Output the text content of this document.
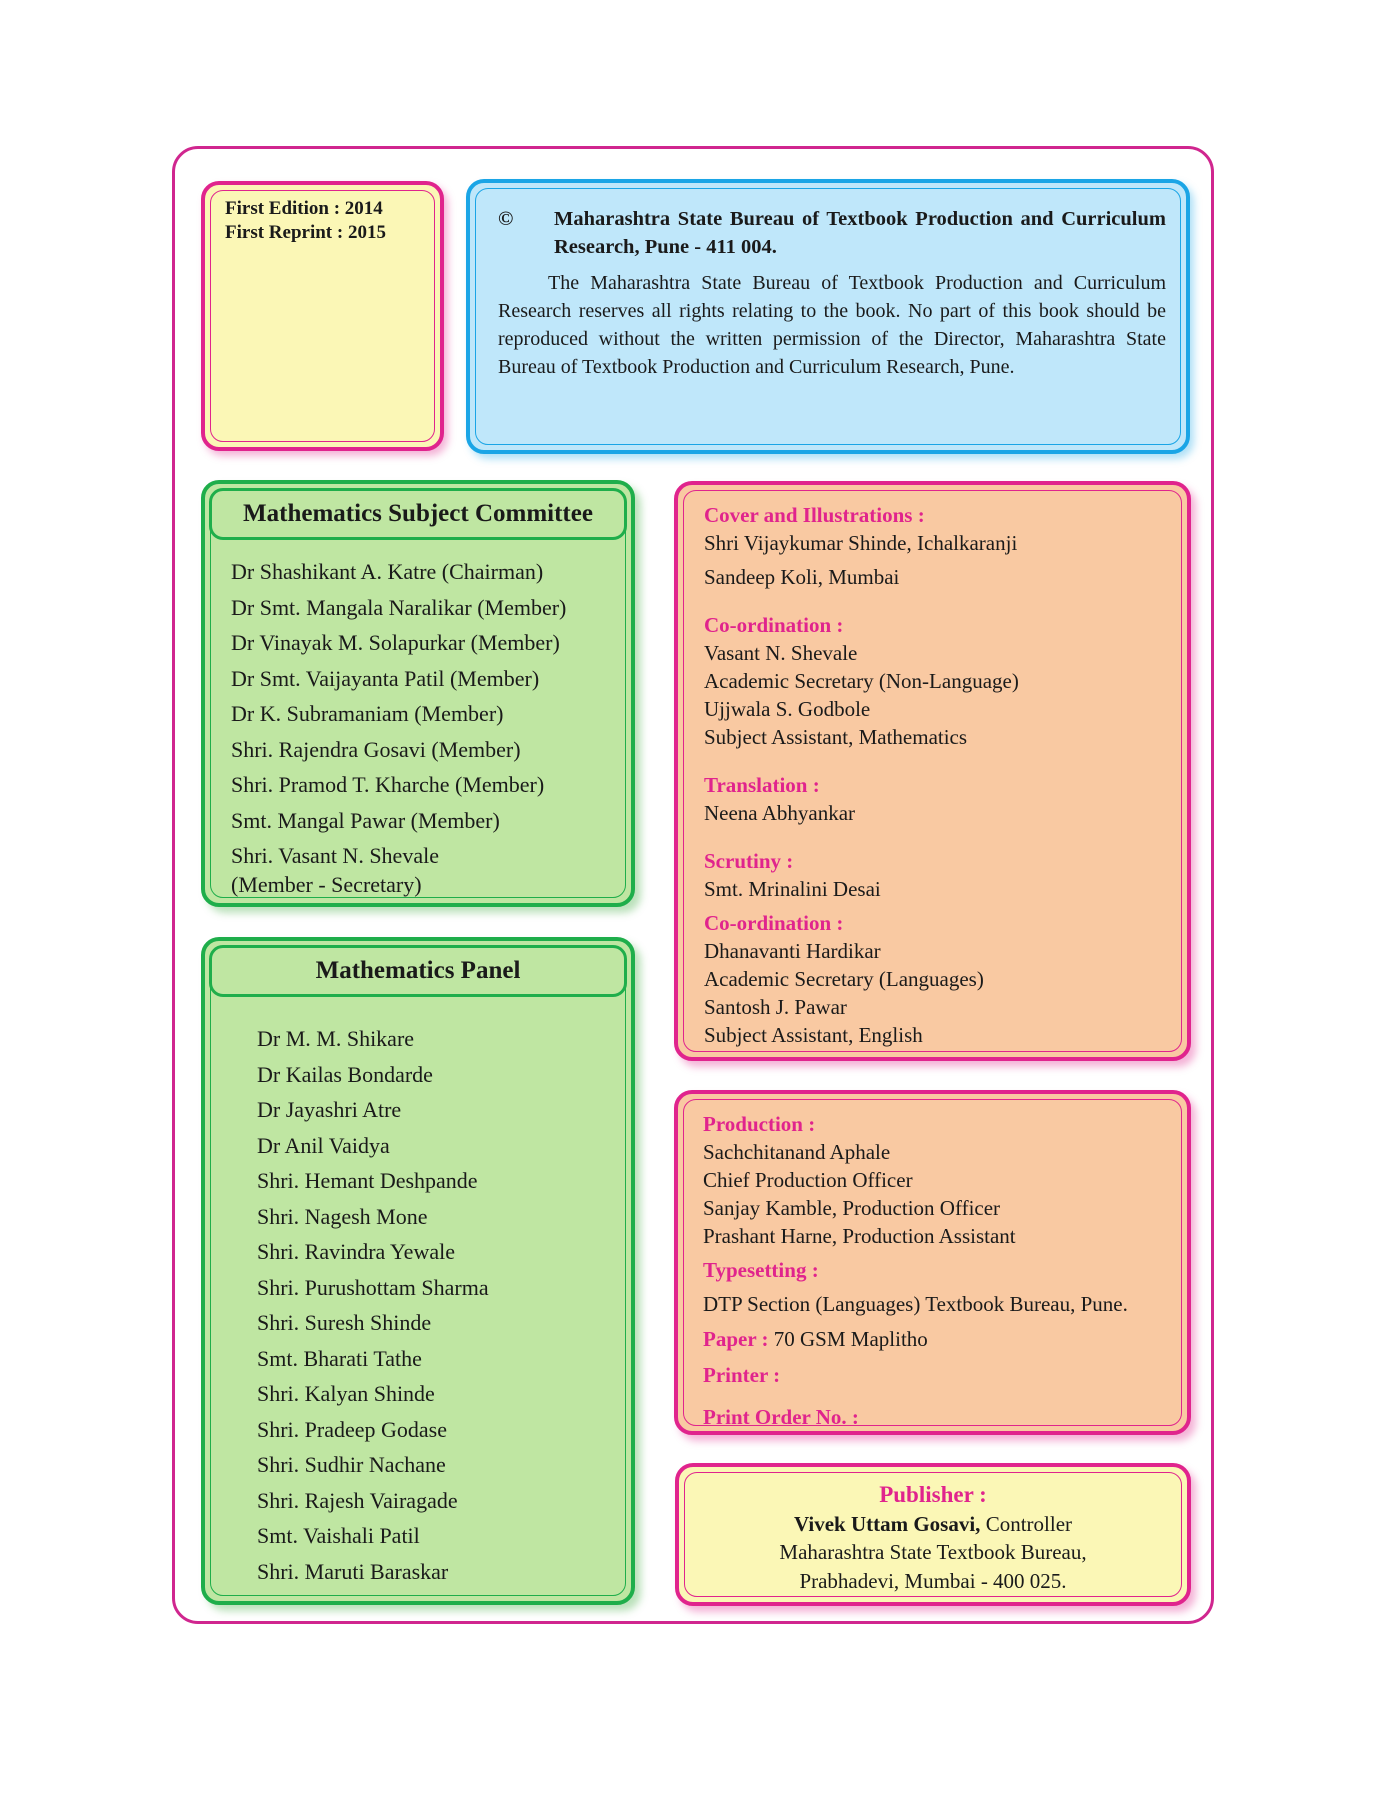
First Edition : 2014
First Reprint : 2015
©	Maharashtra State Bureau of Textbook Production and Curriculum Research, Pune - 411 004.
The Maharashtra State Bureau of Textbook Production and Curriculum Research reserves all rights relating to the book. No part of this book should be reproduced without the written permission of the Director, Maharashtra State Bureau of Textbook Production and Curriculum Research, Pune.
Mathematics Subject Committee
Dr Shashikant A. Katre (Chairman)
Dr Smt. Mangala Naralikar (Member)
Dr Vinayak M. Solapurkar (Member)
Dr Smt. Vaijayanta Patil (Member)
Dr K. Subramaniam (Member)
Shri. Rajendra Gosavi (Member)
Shri. Pramod T. Kharche (Member)
Smt. Mangal Pawar (Member)
Shri. Vasant N. Shevale
(Member - Secretary)
Mathematics Panel
Dr M. M. Shikare
Dr Kailas Bondarde
Dr Jayashri Atre
Dr Anil Vaidya
Shri. Hemant Deshpande
Shri. Nagesh Mone
Shri. Ravindra Yewale
Shri. Purushottam Sharma
Shri. Suresh Shinde
Smt. Bharati Tathe
Shri. Kalyan Shinde
Shri. Pradeep Godase
Shri. Sudhir Nachane
Shri. Rajesh Vairagade
Smt. Vaishali Patil
Shri. Maruti Baraskar
Cover and Illustrations :
Shri Vijaykumar Shinde, Ichalkaranji
Sandeep Koli, Mumbai
Co-ordination :
Vasant N. Shevale
Academic Secretary (Non-Language)
Ujjwala S. Godbole
Subject Assistant, Mathematics
Translation :
Neena Abhyankar
Scrutiny :
Smt. Mrinalini Desai
Co-ordination :
Dhanavanti Hardikar
Academic Secretary (Languages)
Santosh J. Pawar
Subject Assistant, English
Production :
Sachchitanand Aphale
Chief Production Officer
Sanjay Kamble, Production Officer
Prashant Harne, Production Assistant
Typesetting :
DTP Section (Languages) Textbook Bureau, Pune.
Paper : 70 GSM Maplitho
Printer :
Print Order No. :
Publisher :
Vivek Uttam Gosavi, Controller
Maharashtra State Textbook Bureau,
Prabhadevi, Mumbai - 400 025.
